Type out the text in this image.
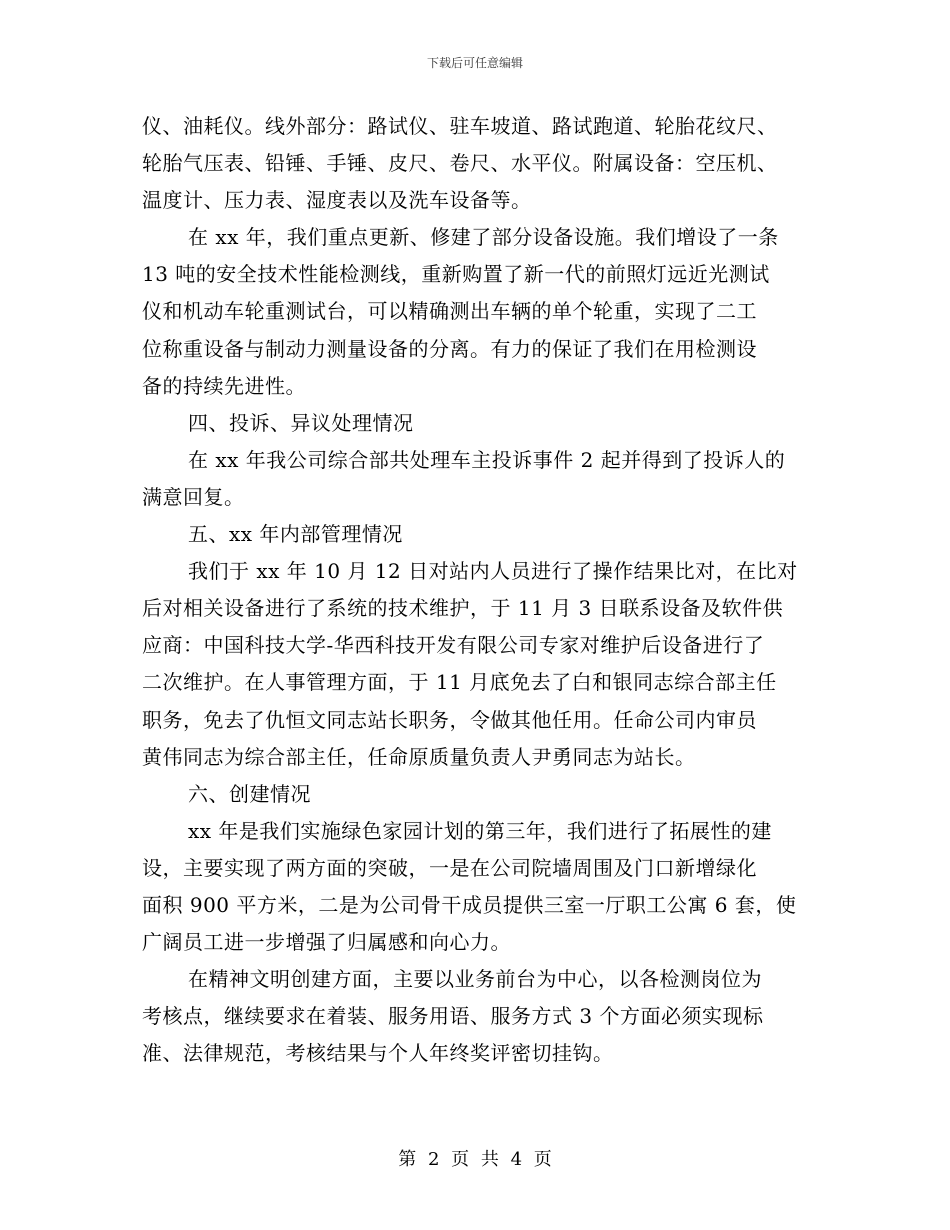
下载后可任意编辑
仪、油耗仪。线外部分：路试仪、驻车坡道、路试跑道、轮胎花纹尺、
轮胎气压表、铅锤、手锤、皮尺、卷尺、水平仪。附属设备：空压机、
温度计、压力表、湿度表以及洗车设备等。
在 xx 年，我们重点更新、修建了部分设备设施。我们增设了一条
13 吨的安全技术性能检测线，重新购置了新一代的前照灯远近光测试
仪和机动车轮重测试台，可以精确测出车辆的单个轮重，实现了二工
位称重设备与制动力测量设备的分离。有力的保证了我们在用检测设
备的持续先进性。
四、投诉、异议处理情况
在 xx 年我公司综合部共处理车主投诉事件 2 起并得到了投诉人的
满意回复。
五、xx 年内部管理情况
我们于 xx 年 10 月 12 日对站内人员进行了操作结果比对，在比对
后对相关设备进行了系统的技术维护，于 11 月 3 日联系设备及软件供
应商：中国科技大学-华西科技开发有限公司专家对维护后设备进行了
二次维护。在人事管理方面，于 11 月底免去了白和银同志综合部主任
职务，免去了仇恒文同志站长职务，令做其他任用。任命公司内审员
黄伟同志为综合部主任，任命原质量负责人尹勇同志为站长。
六、创建情况
xx 年是我们实施绿色家园计划的第三年，我们进行了拓展性的建
设，主要实现了两方面的突破，一是在公司院墙周围及门口新增绿化
面积 900 平方米，二是为公司骨干成员提供三室一厅职工公寓 6 套，使
广阔员工进一步增强了归属感和向心力。
在精神文明创建方面，主要以业务前台为中心，以各检测岗位为
考核点，继续要求在着装、服务用语、服务方式 3 个方面必须实现标
准、法律规范，考核结果与个人年终奖评密切挂钩。
第 2 页 共 4 页
